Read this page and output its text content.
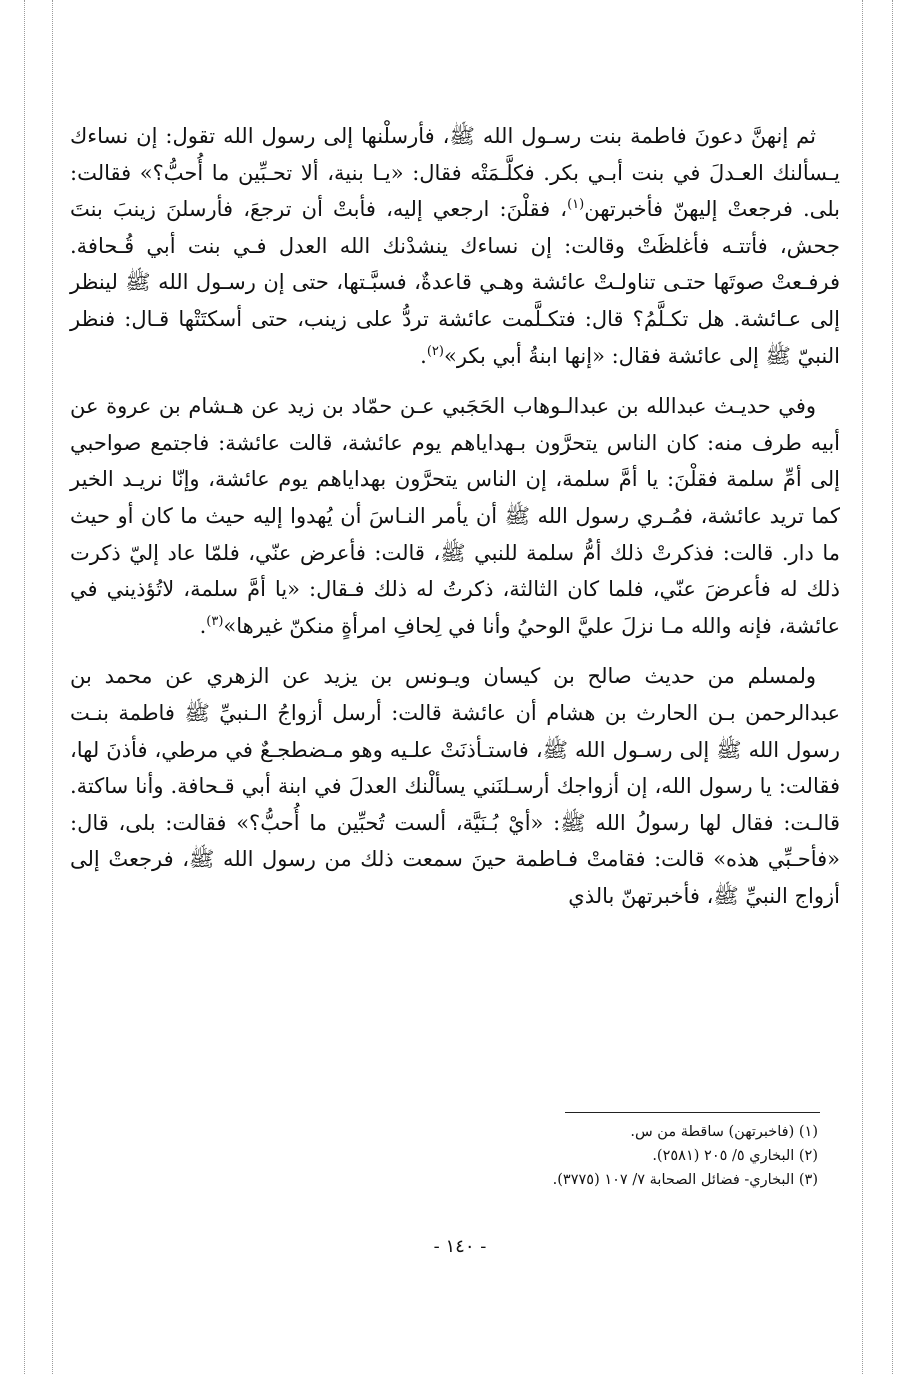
ثم إنهنَّ دعونَ فاطمة بنت رسـول الله ﷺ، فأرسلْنها إلى رسول الله تقول: إن نساءك يـسألنك العـدلَ في بنت أبـي بكر. فكلَّـمَتْه فقال: «يـا بنية، ألا تحـبِّين ما أُحبُّ؟» فقالت: بلى. فرجعتْ إليهنّ فأخبرتهن$^{(١)}$، فقلْنَ: ارجعي إليه، فأبتْ أن ترجعَ، فأرسلنَ زينبَ بنتَ جحش، فأتتـه فأغلظَتْ وقالت: إن نساءك ينشدْنك الله العدل فـي بنت أبي قُـحافة. فرفـعتْ صوتَها حتـى تناولـتْ عائشة وهـي قاعدةٌ، فسبَّـتها، حتى إن رسـول الله ﷺ لينظر إلى عـائشة. هل تكـلَّمُ؟ قال: فتكـلَّمت عائشة تردُّ على زينب، حتى أسكتَتْها قـال: فنظر النبيّ ﷺ إلى عائشة فقال: «إنها ابنةُ أبي بكر»$^{(٢)}$.

وفي حديـث عبدالله بن عبدالـوهاب الحَجَبي عـن حمّاد بن زيد عن هـشام بن عروة عن أبيه طرف منه: كان الناس يتحرَّون بـهداياهم يوم عائشة، قالت عائشة: فاجتمع صواحبي إلى أمِّ سلمة فقلْنَ: يا أمَّ سلمة، إن الناس يتحرَّون بهداياهم يوم عائشة، وإنّا نريـد الخير كما تريد عائشة، فمُـري رسول الله ﷺ أن يأمر النـاسَ أن يُهدوا إليه حيث ما كان أو حيث ما دار. قالت: فذكرتْ ذلك أمُّ سلمة للنبي ﷺ، قالت: فأعرض عنّي، فلمّا عاد إليّ ذكرت ذلك له فأعرضَ عنّي، فلما كان الثالثة، ذكرتُ له ذلك فـقال: «يا أمَّ سلمة، لاتُؤذيني في عائشة، فإنه والله مـا نزلَ عليَّ الوحيُ وأنا في لِحافِ امرأةٍ منكنّ غيرها»$^{(٣)}$.

ولمسلم من حديث صالح بن كيسان ويـونس بن يزيد عن الزهري عن محمد بن عبدالرحمن بـن الحارث بن هشام أن عائشة قالت: أرسل أزواجُ الـنبيِّ ﷺ فاطمة بنـت رسول الله ﷺ إلى رسـول الله ﷺ، فاستـأذنَتْ علـيه وهو مـضطجـعٌ في مرطي، فأذنَ لها، فقالت: يا رسول الله، إن أزواجك أرسـلنَني يسألْنك العدلَ في ابنة أبي قـحافة. وأنا ساكتة. قالـت: فقال لها رسولُ الله ﷺ: «أيْ بُـنَيَّة، ألست تُحبِّين ما أُحبُّ؟» فقالت: بلى، قال: «فأحـبِّي هذه» قالت: فقامتْ فـاطمة حينَ سمعت ذلك من رسول الله ﷺ، فرجعتْ إلى أزواج النبيِّ ﷺ، فأخبرتهنّ بالذي

(١) (فاخبرتهن) ساقطة من س.

(٢) البخاري ٥/ ٢٠٥ (٢٥٨١).

(٣) البخاري- فضائل الصحابة ٧/ ١٠٧ (٣٧٧٥).

- ١٤٠ -
